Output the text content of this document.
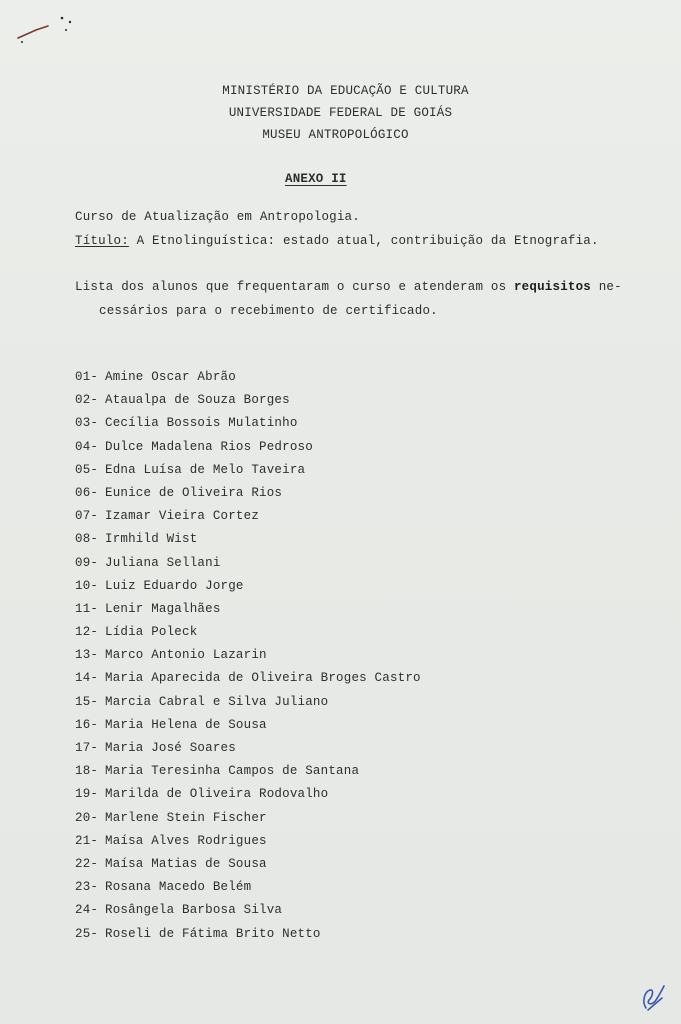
MINISTÉRIO DA EDUCAÇÃO E CULTURA
UNIVERSIDADE FEDERAL DE GOIÁS
MUSEU ANTROPOLÓGICO
ANEXO II
Curso de Atualização em Antropologia.
Título: A Etnolinguística: estado atual, contribuição da Etnografia.
Lista dos alunos que frequentaram o curso e atenderam os requisitos ne-
cessários para o recebimento de certificado.
01- Amine Oscar Abrão
02- Ataualpa de Souza Borges
03- Cecília Bossois Mulatinho
04- Dulce Madalena Rios Pedroso
05- Edna Luísa de Melo Taveira
06- Eunice de Oliveira Rios
07- Izamar Vieira Cortez
08- Irmhild Wist
09- Juliana Sellani
10- Luiz Eduardo Jorge
11- Lenir Magalhães
12- Lídia Poleck
13- Marco Antonio Lazarin
14- Maria Aparecida de Oliveira Broges Castro
15- Marcia Cabral e Silva Juliano
16- Maria Helena de Sousa
17- Maria José Soares
18- Maria Teresinha Campos de Santana
19- Marilda de Oliveira Rodovalho
20- Marlene Stein Fischer
21- Maísa Alves Rodrigues
22- Maísa Matias de Sousa
23- Rosana Macedo Belém
24- Rosângela Barbosa Silva
25- Roseli de Fátima Brito Netto
